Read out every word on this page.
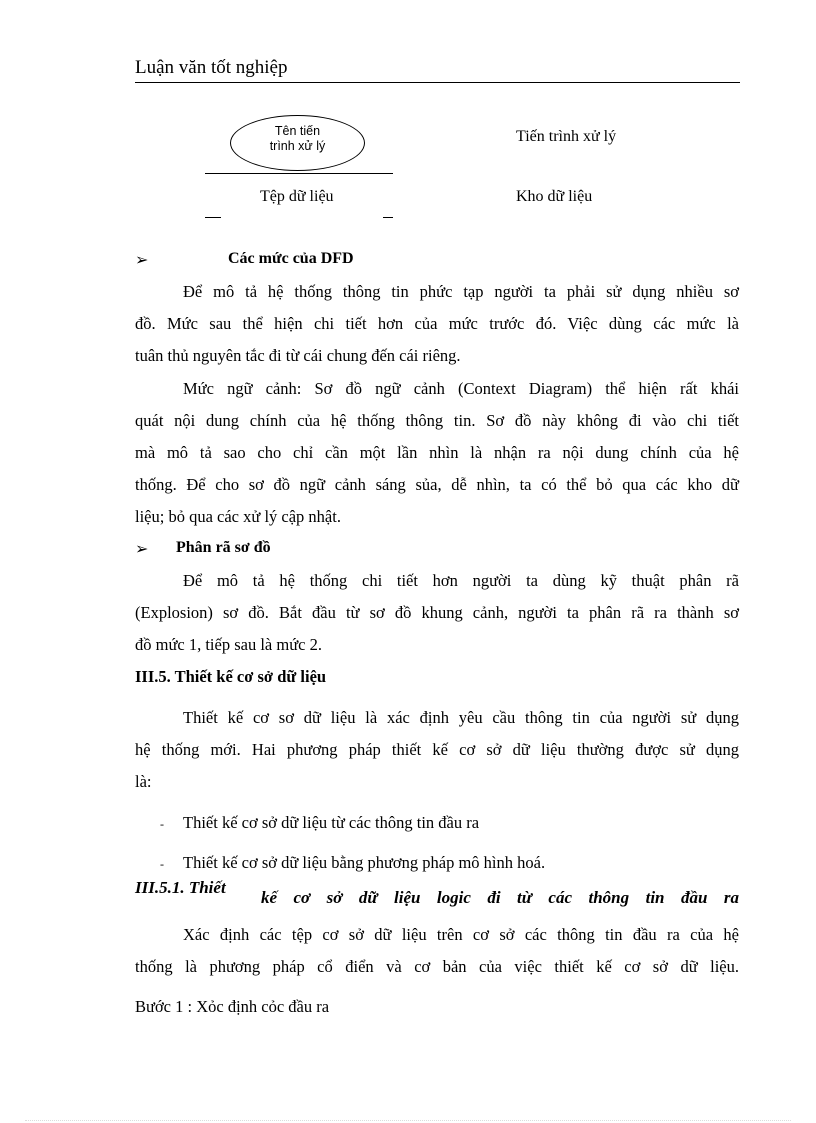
Luận văn tốt nghiệp
Tên tiến
trình xử lý
Tiến trình xử lý
Tệp dữ liệu	Kho dữ liệu
➢	Các mức của DFD
Để mô tả hệ thống thông tin phức tạp người ta phải sử dụng nhiều sơ
đồ. Mức sau thể hiện chi tiết hơn của mức trước đó. Việc dùng các mức là
tuân thủ nguyên tắc đi từ cái chung đến cái riêng.
Mức ngữ cảnh: Sơ đồ ngữ cảnh (Context Diagram) thể hiện rất khái
quát nội dung chính của hệ thống thông tin. Sơ đồ này không đi vào chi tiết
mà mô tả sao cho chỉ cần một lần nhìn là nhận ra nội dung chính của hệ
thống. Để cho sơ đồ ngữ cảnh sáng sủa, dễ nhìn, ta có thể bỏ qua các kho dữ
liệu; bỏ qua các xử lý cập nhật.
➢ Phân rã sơ đồ
Để mô tả hệ thống chi tiết hơn người ta dùng kỹ thuật phân rã
(Explosion) sơ đồ. Bắt đầu từ sơ đồ khung cảnh, người ta phân rã ra thành sơ
đồ mức 1, tiếp sau là mức 2.
III.5. Thiết kế cơ sở dữ liệu
Thiết kế cơ sơ dữ liệu là xác định yêu cầu thông tin của người sử dụng
hệ thống mới. Hai phương pháp thiết kế cơ sở dữ liệu thường được sử dụng
là:
- Thiết kế cơ sở dữ liệu từ các thông tin đầu ra
- Thiết kế cơ sở dữ liệu bằng phương pháp mô hình hoá.
III.5.1. Thiết
kế cơ sở dữ liệu logic đi từ các thông tin đầu ra
Xác định các tệp cơ sở dữ liệu trên cơ sở các thông tin đầu ra của hệ
thống là phương pháp cổ điển và cơ bản của việc thiết kế cơ sở dữ liệu.
Bước 1 : Xỏc định cỏc đầu ra
